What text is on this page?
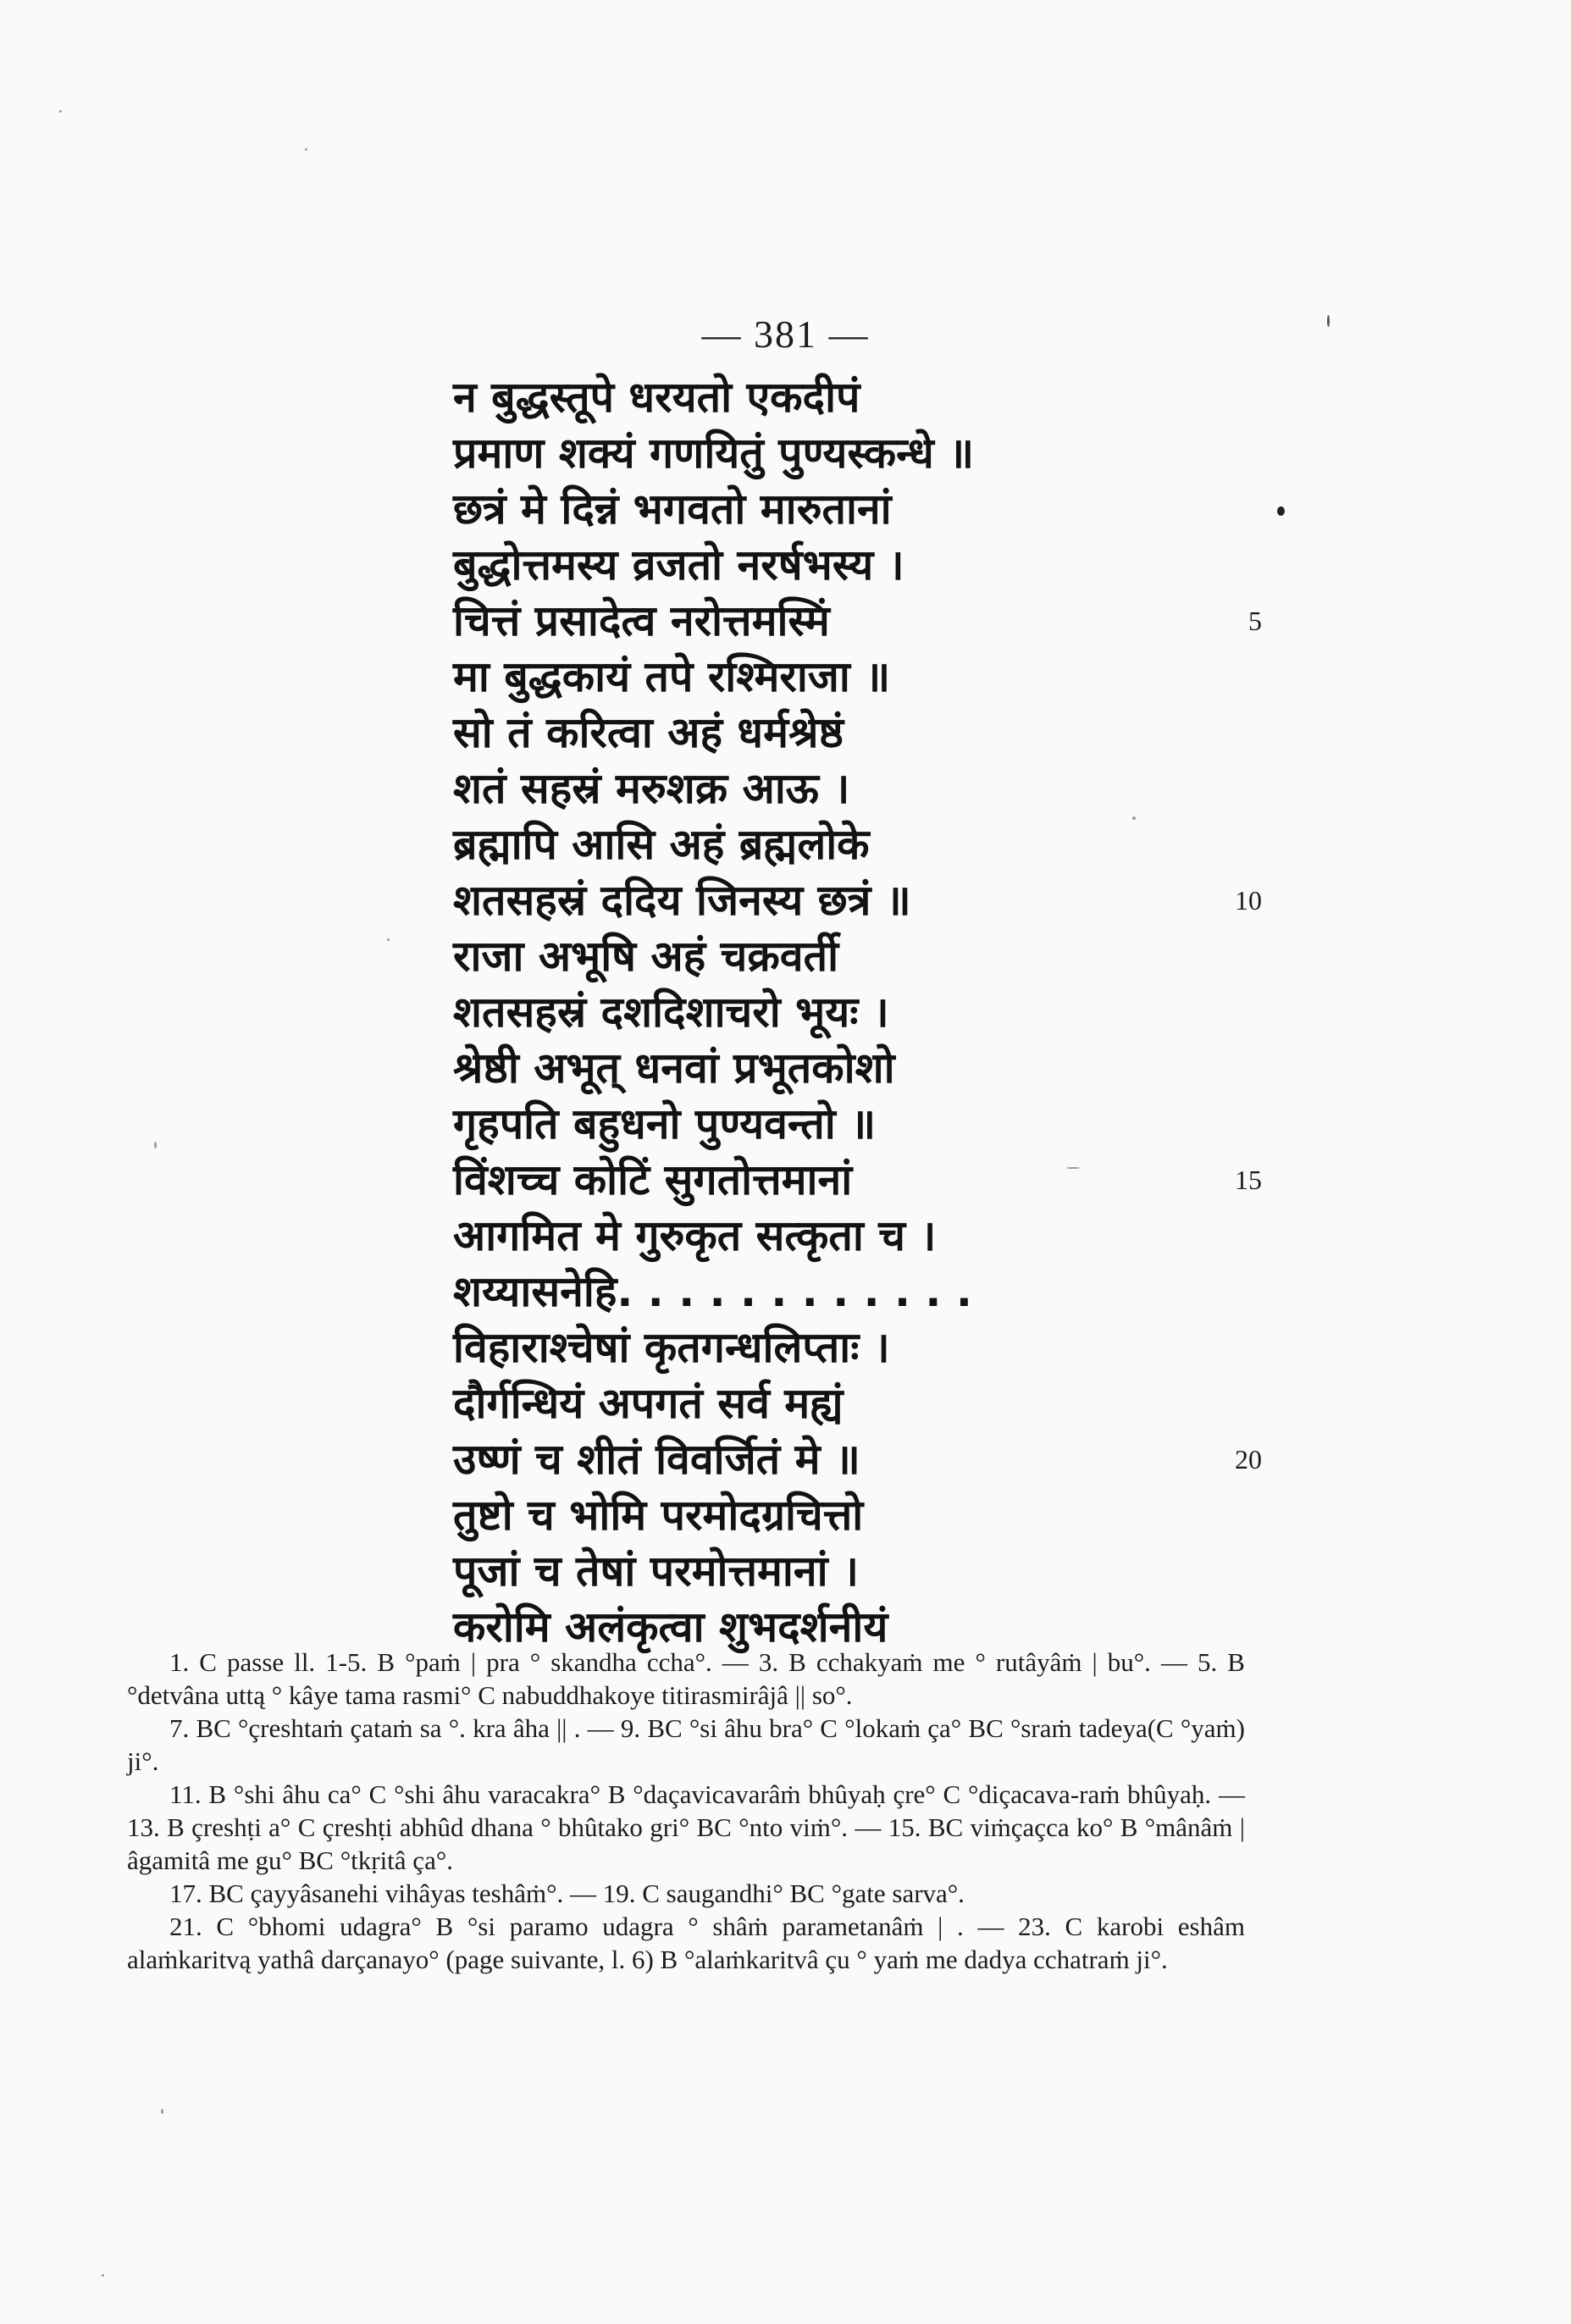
— 381 —
न बुद्धस्तूपे धरयतो एकदीपं
प्रमाण शक्यं गणयितुं पुण्यस्कन्धे ॥
छत्रं मे दिन्नं भगवतो मारुतानां
बुद्धोत्तमस्य व्रजतो नरर्षभस्य ।
चित्तं प्रसादेत्व नरोत्तमस्मिं
मा बुद्धकायं तपे रश्मिराजा ॥
सो तं करित्वा अहं धर्मश्रेष्ठं
शतं सहस्रं मरुशक्र आऊ ।
ब्रह्मापि आसि अहं ब्रह्मलोके
शतसहस्रं ददिय जिनस्य छत्रं ॥
राजा अभूषि अहं चक्रवर्ती
शतसहस्रं दशदिशाचरो भूयः ।
श्रेष्ठी अभूत् धनवां प्रभूतकोशो
गृहपति बहुधनो पुण्यवन्तो ॥
विंशच्च कोटिं सुगतोत्तमानां
आगमित मे गुरुकृत सत्कृता च ।
शय्यासनेहि. . . . . . . . . . . .
विहाराश्चेषां कृतगन्धलिप्ताः ।
दौर्गन्धियं अपगतं सर्व मह्यं
उष्णं च शीतं विवर्जितं मे ॥
तुष्टो च भोमि परमोदग्रचित्तो
पूजां च तेषां परमोत्तमानां ।
करोमि अलंकृत्वा शुभदर्शनीयं
5
10
15
20

1. C passe ll. 1-5. B °paṁ | pra ° skandha ccha°. — 3. B cchakyaṁ me ° rutâyâṁ | bu°. — 5. B °detvâna uttą ° kâye tama rasmi° C nabuddhakoye titirasmirâjâ || so°.

7. BC °çreshtaṁ çataṁ sa °. kra âha || . — 9. BC °si âhu bra° C °lokaṁ ça° BC °sraṁ tadeya(C °yaṁ) ji°.

11. B °shi âhu ca° C °shi âhu varacakra° B °daçavicavarâṁ bhûyaḥ çre° C °diçacava-raṁ bhûyaḥ. — 13. B çreshṭi a° C çreshṭi abhûd dhana ° bhûtako gri° BC °nto viṁ°. — 15. BC viṁçaçca ko° B °mânâṁ | âgamitâ me gu° BC °tkṛitâ ça°.

17. BC çayyâsanehi vihâyas teshâṁ°. — 19. C saugandhi° BC °gate sarva°.

21. C °bhomi udagra° B °si paramo udagra ° shâṁ parametanâṁ | . — 23. C karobi eshâm alaṁkaritvą yathâ darçanayo° (page suivante, l. 6) B °alaṁkaritvâ çu ° yaṁ me dadya cchatraṁ ji°.
